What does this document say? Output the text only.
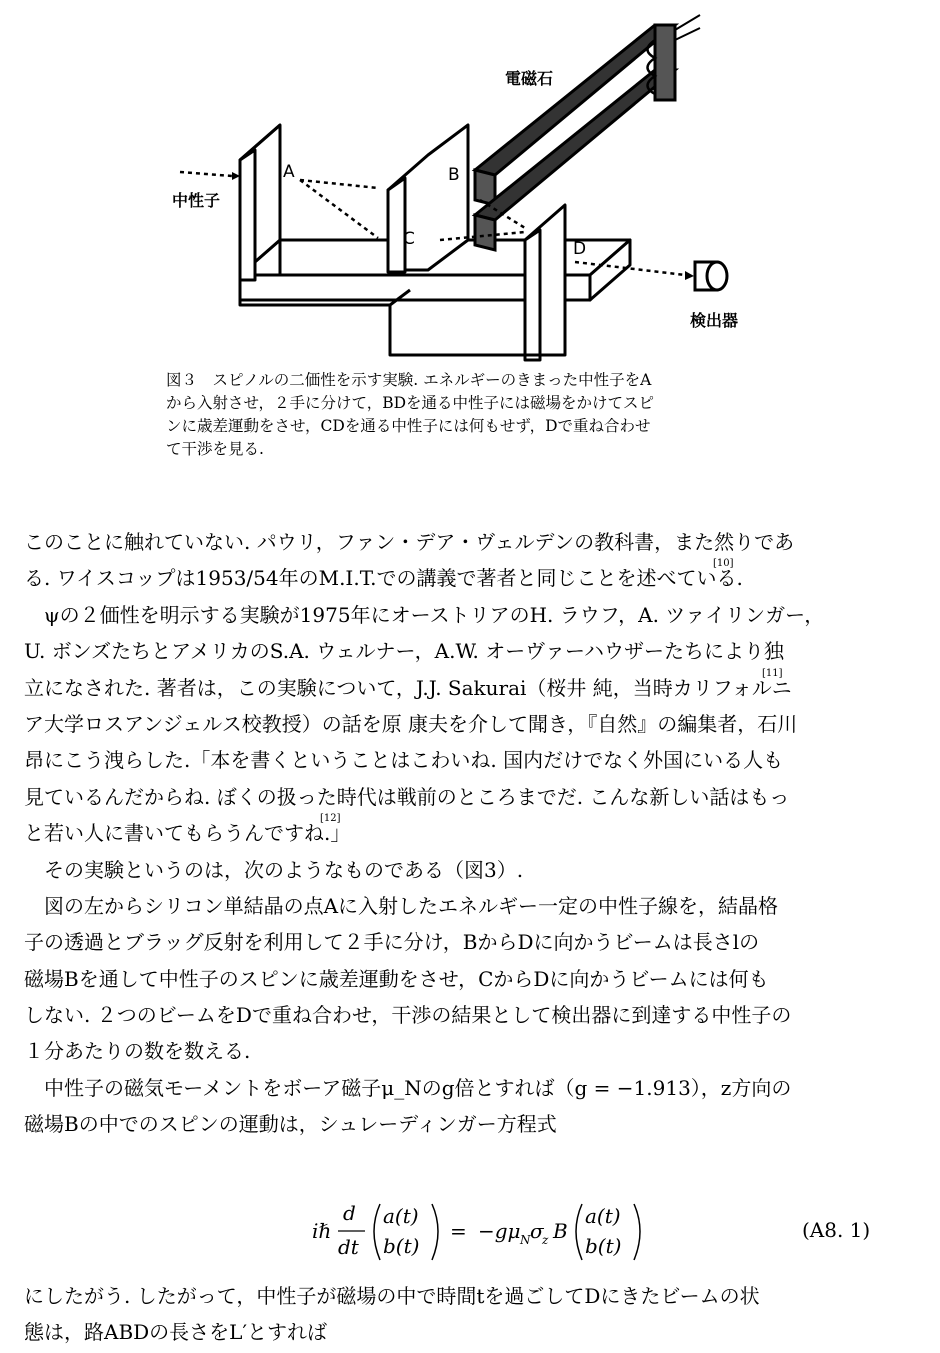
中性子
A	B
C	D
電磁石
検出器
図３　スピノルの二価性を示す実験. エネルギーのきまった中性子をA
から入射させ，２手に分けて，BDを通る中性子には磁場をかけてスピ
ンに歳差運動をさせ，CDを通る中性子には何もせず，Dで重ね合わせ
て干渉を見る.
このことに触れていない. パウリ，ファン・デア・ヴェルデンの教科書，また然りであ
る. ワイスコップは1953/54年のM.I.T.での講義で著者と同じことを述べている.
[10]
ψの２価性を明示する実験が1975年にオーストリアのH. ラウフ，A. ツァイリンガー，
U. ボンズたちとアメリカのS.A. ウェルナー，A.W. オーヴァーハウザーたちにより独
立になされた. 著者は，この実験について，J.J. Sakurai（桜井 純，当時カリフォルニ
[11]
ア大学ロスアンジェルス校教授）の話を原 康夫を介して聞き，『自然』の編集者，石川
昂にこう洩らした.「本を書くということはこわいね. 国内だけでなく外国にいる人も
見ているんだからね. ぼくの扱った時代は戦前のところまでだ. こんな新しい話はもっ
と若い人に書いてもらうんですね.」
[12]
その実験というのは，次のようなものである（図3）.
図の左からシリコン単結晶の点Aに入射したエネルギー一定の中性子線を，結晶格
子の透過とブラッグ反射を利用して２手に分け，BからDに向かうビームは長さlの
磁場Bを通して中性子のスピンに歳差運動をさせ，CからDに向かうビームには何も
しない. ２つのビームをDで重ね合わせ，干渉の結果として検出器に到達する中性子の
１分あたりの数を数える.
中性子の磁気モーメントをボーア磁子μ_Nのg倍とすれば（g = −1.913），z方向の
磁場Bの中でのスピンの運動は，シュレーディンガー方程式
iℏ
d
dt
a(t)
b(t)
= −gμ N σ
z B
a(t)
b(t)
(A8. 1)
にしたがう. したがって，中性子が磁場の中で時間tを過ごしてDにきたビームの状
態は，路ABDの長さをL′とすれば
